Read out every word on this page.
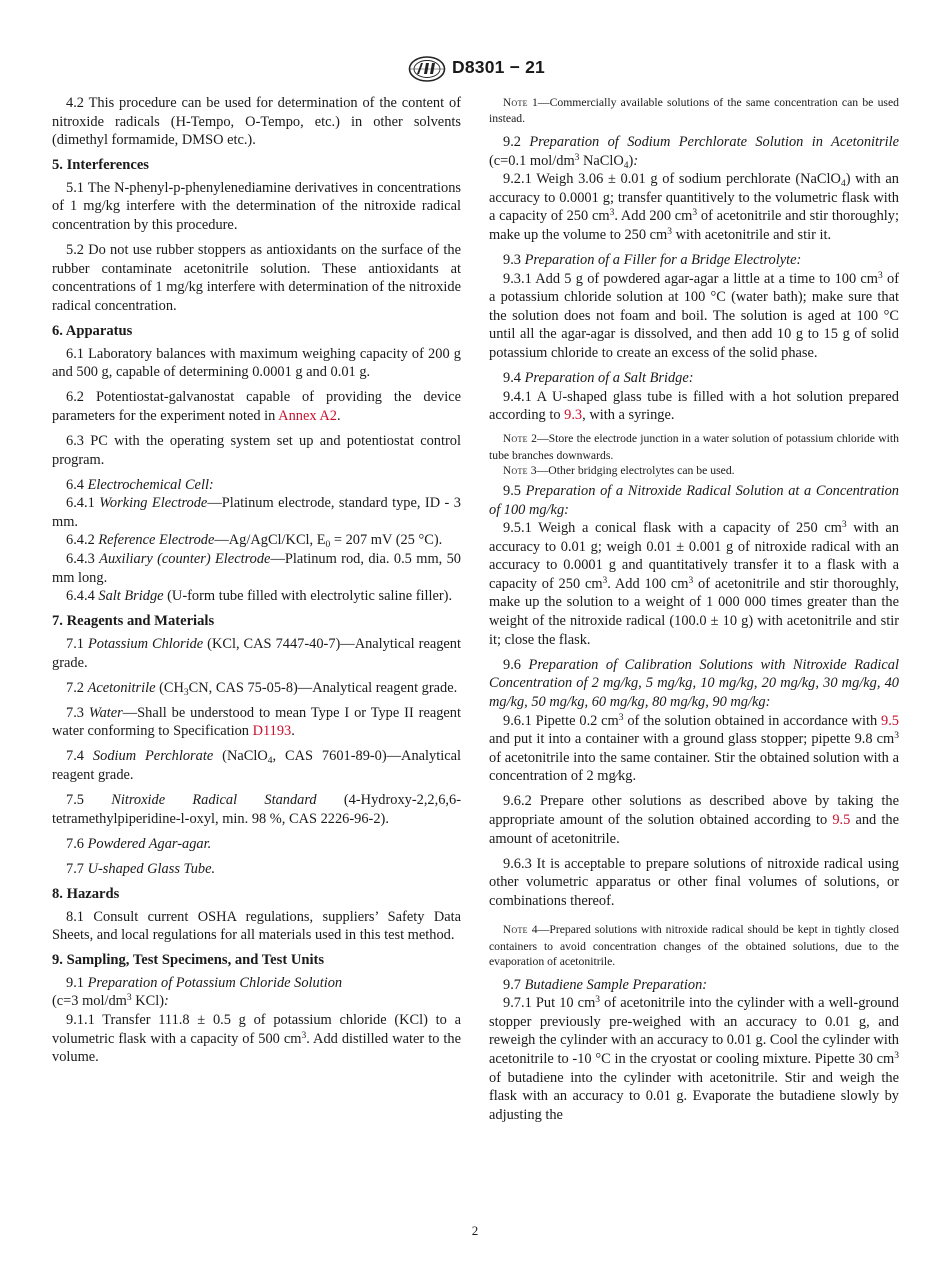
D8301 − 21

4.2 This procedure can be used for determination of the content of nitroxide radicals (H-Tempo, O-Tempo, etc.) in other solvents (dimethyl formamide, DMSO etc.).

5. Interferences

5.1 The N-phenyl-p-phenylenediamine derivatives in concentrations of 1 mg/kg interfere with the determination of the nitroxide radical concentration by this procedure.

5.2 Do not use rubber stoppers as antioxidants on the surface of the rubber contaminate acetonitrile solution. These antioxidants at concentrations of 1 mg/kg interfere with determination of the nitroxide radical concentration.

6. Apparatus

6.1 Laboratory balances with maximum weighing capacity of 200 g and 500 g, capable of determining 0.0001 g and 0.01 g.

6.2 Potentiostat-galvanostat capable of providing the device parameters for the experiment noted in Annex A2.

6.3 PC with the operating system set up and potentiostat control program.

6.4 Electrochemical Cell:

6.4.1 Working Electrode—Platinum electrode, standard type, ID - 3 mm.

6.4.2 Reference Electrode—Ag/AgCl/KCl, $E_0 = 207$ mV (25 °C).

6.4.3 Auxiliary (counter) Electrode—Platinum rod, dia. 0.5 mm, 50 mm long.

6.4.4 Salt Bridge (U-form tube filled with electrolytic saline filler).

7. Reagents and Materials

7.1 Potassium Chloride (KCl, CAS 7447-40-7)—Analytical reagent grade.

7.2 Acetonitrile ($CH_3CN$, CAS 75-05-8)—Analytical reagent grade.

7.3 Water—Shall be understood to mean Type I or Type II reagent water conforming to Specification D1193.

7.4 Sodium Perchlorate (NaClO$_4$, CAS 7601-89-0)—Analytical reagent grade.

7.5 Nitroxide Radical Standard (4-Hydroxy-2,2,6,6-tetramethylpiperidine-l-oxyl, min. 98 %, CAS 2226-96-2).

7.6 Powdered Agar-agar.

7.7 U-shaped Glass Tube.

8. Hazards

8.1 Consult current OSHA regulations, suppliers’ Safety Data Sheets, and local regulations for all materials used in this test method.

9. Sampling, Test Specimens, and Test Units

9.1 Preparation of Potassium Chloride Solution

(c=3 mol/$dm^3$ KCl):

9.1.1 Transfer 111.8 ± 0.5 g of potassium chloride (KCl) to a volumetric flask with a capacity of 500 $cm^3$. Add distilled water to the volume.

Note 1—Commercially available solutions of the same concentration can be used instead.

9.2 Preparation of Sodium Perchlorate Solution in Acetonitrile (c=0.1 mol/$dm^3$ NaClO$_4$):

9.2.1 Weigh 3.06 ± 0.01 g of sodium perchlorate (NaClO$_4$) with an accuracy to 0.0001 g; transfer quantitively to the volumetric flask with a capacity of 250 $cm^3$. Add 200 $cm^3$ of acetonitrile and stir thoroughly; make up the volume to 250 $cm^3$ with acetonitrile and stir it.

9.3 Preparation of a Filler for a Bridge Electrolyte:

9.3.1 Add 5 g of powdered agar-agar a little at a time to 100 $cm^3$ of a potassium chloride solution at 100 °C (water bath); make sure that the solution does not foam and boil. The solution is aged at 100 °C until all the agar-agar is dissolved, and then add 10 g to 15 g of solid potassium chloride to create an excess of the solid phase.

9.4 Preparation of a Salt Bridge:

9.4.1 A U-shaped glass tube is filled with a hot solution prepared according to 9.3, with a syringe.

Note 2—Store the electrode junction in a water solution of potassium chloride with tube branches downwards.

Note 3—Other bridging electrolytes can be used.

9.5 Preparation of a Nitroxide Radical Solution at a Concentration of 100 mg/kg:

9.5.1 Weigh a conical flask with a capacity of 250 $cm^3$ with an accuracy to 0.01 g; weigh 0.01 ± 0.001 g of nitroxide radical with an accuracy to 0.0001 g and quantitatively transfer it to a flask with a capacity of 250 $cm^3$. Add 100 $cm^3$ of acetonitrile and stir thoroughly, make up the solution to a weight of 1 000 000 times greater than the weight of the nitroxide radical (100.0 ± 10 g) with acetonitrile and stir it; close the flask.

9.6 Preparation of Calibration Solutions with Nitroxide Radical Concentration of 2 mg/kg, 5 mg/kg, 10 mg/kg, 20 mg/kg, 30 mg/kg, 40 mg/kg, 50 mg/kg, 60 mg/kg, 80 mg/kg, 90 mg/kg:

9.6.1 Pipette 0.2 $cm^3$ of the solution obtained in accordance with 9.5 and put it into a container with a ground glass stopper; pipette 9.8 $cm^3$ of acetonitrile into the same container. Stir the obtained solution with a concentration of 2 mg⁄kg.

9.6.2 Prepare other solutions as described above by taking the appropriate amount of the solution obtained according to 9.5 and the amount of acetonitrile.

9.6.3 It is acceptable to prepare solutions of nitroxide radical using other volumetric apparatus or other final volumes of solutions, or combinations thereof.

Note 4—Prepared solutions with nitroxide radical should be kept in tightly closed containers to avoid concentration changes of the obtained solutions, due to the evaporation of acetonitrile.

9.7 Butadiene Sample Preparation:

9.7.1 Put 10 $cm^3$ of acetonitrile into the cylinder with a well-ground stopper previously pre-weighed with an accuracy to 0.01 g, and reweigh the cylinder with an accuracy to 0.01 g. Cool the cylinder with acetonitrile to -10 °C in the cryostat or cooling mixture. Pipette 30 $cm^3$ of butadiene into the cylinder with acetonitrile. Stir and weigh the flask with an accuracy to 0.01 g. Evaporate the butadiene slowly by adjusting the

2
